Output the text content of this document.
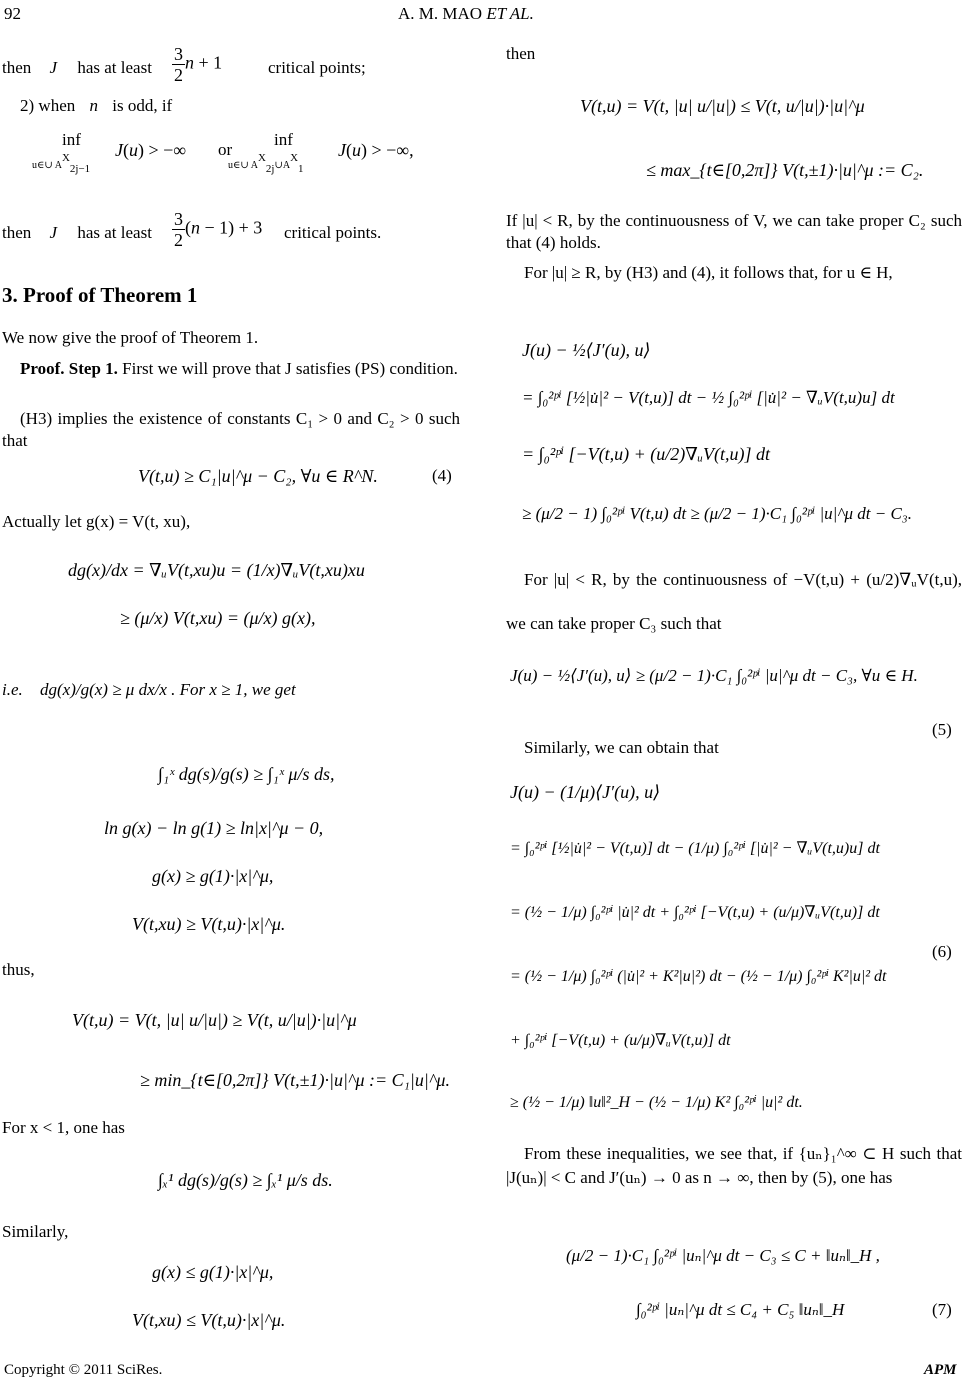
92	A. M. MAO ET AL.
then J has at least $\frac{3}{2}$ n + 1	critical points;
2) when n is odd, if
inf
u∈∪ AX2j−1
J(u) > −∞ or
inf
u∈∪ AX2j∪AX1
J(u) > −∞,
then J has at least $\frac{3}{2} (n - 1) + 3$ critical points.
3. Proof of Theorem 1
We now give the proof of Theorem 1.
Proof. Step 1. First we will prove that J satisfies (PS) condition.
(H3) implies the existence of constants C₁ > 0 and C₂ > 0 such that
V(t,u) ≥ C₁|u|^μ − C₂, ∀u ∈ R^N.	(4)
Actually let g(x) = V(t, xu),
dg(x)/dx = ∇ᵤV(t,xu)u = (1/x)∇ᵤV(t,xu)xu
≥ (μ/x) V(t,xu) = (μ/x) g(x),
i.e. dg(x)/g(x) ≥ μ dx/x . For x ≥ 1, we get
∫₁ˣ dg(s)/g(s) ≥ ∫₁ˣ μ/s ds,
ln g(x) − ln g(1) ≥ ln|x|^μ − 0,
g(x) ≥ g(1)·|x|^μ,
V(t,xu) ≥ V(t,u)·|x|^μ.
thus,
V(t,u) = V(t, |u| u/|u|) ≥ V(t, u/|u|)·|u|^μ
≥ min_{t∈[0,2π]} V(t,±1)·|u|^μ := C₁|u|^μ.
For x < 1, one has
∫ₓ¹ dg(s)/g(s) ≥ ∫ₓ¹ μ/s ds.
Similarly,
g(x) ≤ g(1)·|x|^μ,
V(t,xu) ≤ V(t,u)·|x|^μ.
then
V(t,u) = V(t, |u| u/|u|) ≤ V(t, u/|u|)·|u|^μ
≤ max_{t∈[0,2π]} V(t,±1)·|u|^μ := C₂.
If |u| < R, by the continuousness of V, we can take proper C₂ such that (4) holds.
For |u| ≥ R, by (H3) and (4), it follows that, for u ∈ H,
J(u) − ½⟨J′(u), u⟩
= ∫₀²ᵖⁱ [½|u̇|² − V(t,u)] dt − ½ ∫₀²ᵖⁱ [|u̇|² − ∇ᵤV(t,u)u] dt
= ∫₀²ᵖⁱ [−V(t,u) + (u/2)∇ᵤV(t,u)] dt
≥ (μ/2 − 1) ∫₀²ᵖⁱ V(t,u) dt ≥ (μ/2 − 1)·C₁ ∫₀²ᵖⁱ |u|^μ dt − C₃.
For |u| < R, by the continuousness of −V(t,u) + (u/2)∇ᵤV(t,u), we can take proper C₃ such that
J(u) − ½⟨J′(u), u⟩ ≥ (μ/2 − 1)·C₁ ∫₀²ᵖⁱ |u|^μ dt − C₃, ∀u ∈ H.
(5)
Similarly, we can obtain that
J(u) − (1/μ)⟨J′(u), u⟩
= ∫₀²ᵖⁱ [½|u̇|² − V(t,u)] dt − (1/μ) ∫₀²ᵖⁱ [|u̇|² − ∇ᵤV(t,u)u] dt
= (½ − 1/μ) ∫₀²ᵖⁱ |u̇|² dt + ∫₀²ᵖⁱ [−V(t,u) + (u/μ)∇ᵤV(t,u)] dt
= (½ − 1/μ) ∫₀²ᵖⁱ (|u̇|² + K²|u|²) dt − (½ − 1/μ) ∫₀²ᵖⁱ K²|u|² dt
(6)
+ ∫₀²ᵖⁱ [−V(t,u) + (u/μ)∇ᵤV(t,u)] dt
≥ (½ − 1/μ) ‖u‖²_H − (½ − 1/μ) K² ∫₀²ᵖⁱ |u|² dt.
From these inequalities, we see that, if {uₙ}₁^∞ ⊂ H such that |J(uₙ)| < C and J′(uₙ) → 0 as n → ∞, then by (5), one has
(μ/2 − 1)·C₁ ∫₀²ᵖⁱ |uₙ|^μ dt − C₃ ≤ C + ‖uₙ‖_H ,
∫₀²ᵖⁱ |uₙ|^μ dt ≤ C₄ + C₅ ‖uₙ‖_H	(7)
Copyright © 2011 SciRes.	APM
